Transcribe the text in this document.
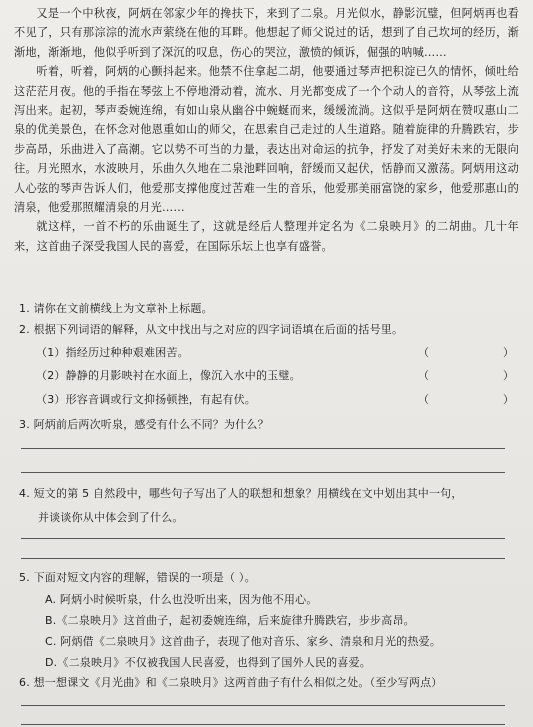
又是一个中秋夜，阿炳在邻家少年的搀扶下，来到了二泉。月光似水，静影沉璧，但阿炳再也看不见了，只有那淙淙的流水声萦绕在他的耳畔。他想起了师父说过的话，想到了自己坎坷的经历，渐渐地，渐渐地，他似乎听到了深沉的叹息，伤心的哭泣，激愤的倾诉，倔强的呐喊……

听着，听着，阿炳的心颤抖起来。他禁不住拿起二胡，他要通过琴声把积淀已久的情怀，倾吐给这茫茫月夜。他的手指在琴弦上不停地滑动着，流水、月光都变成了一个个动人的音符，从琴弦上流泻出来。起初，琴声委婉连绵，有如山泉从幽谷中蜿蜒而来，缓缓流淌。这似乎是阿炳在赞叹惠山二泉的优美景色，在怀念对他恩重如山的师父，在思索自己走过的人生道路。随着旋律的升腾跌宕，步步高昂，乐曲进入了高潮。它以势不可当的力量，表达出对命运的抗争，抒发了对美好未来的无限向往。月光照水，水波映月，乐曲久久地在二泉池畔回响，舒缓而又起伏，恬静而又激荡。阿炳用这动人心弦的琴声告诉人们，他爱那支撑他度过苦难一生的音乐，他爱那美丽富饶的家乡，他爱那惠山的清泉，他爱那照耀清泉的月光……

就这样，一首不朽的乐曲诞生了，这就是经后人整理并定名为《二泉映月》的二胡曲。几十年来，这首曲子深受我国人民的喜爱，在国际乐坛上也享有盛誉。

1. 请你在文前横线上为文章补上标题。
2. 根据下列词语的解释，从文中找出与之对应的四字词语填在后面的括号里。
（1）指经历过种种艰难困苦。	（	）
（2）静静的月影映衬在水面上，像沉入水中的玉璧。	（	）
（3）形容音调或行文抑扬顿挫，有起有伏。	（	）
3. 阿炳前后两次听泉，感受有什么不同？为什么？
4. 短文的第 5 自然段中，哪些句子写出了人的联想和想象？用横线在文中划出其中一句，
并谈谈你从中体会到了什么。
5. 下面对短文内容的理解，错误的一项是（ ）。
A. 阿炳小时候听泉，什么也没听出来，因为他不用心。
B.《二泉映月》这首曲子，起初委婉连绵，后来旋律升腾跌宕，步步高昂。
C. 阿炳借《二泉映月》这首曲子，表现了他对音乐、家乡、清泉和月光的热爱。
D.《二泉映月》不仅被我国人民喜爱，也得到了国外人民的喜爱。
6. 想一想课文《月光曲》和《二泉映月》这两首曲子有什么相似之处。（至少写两点）
